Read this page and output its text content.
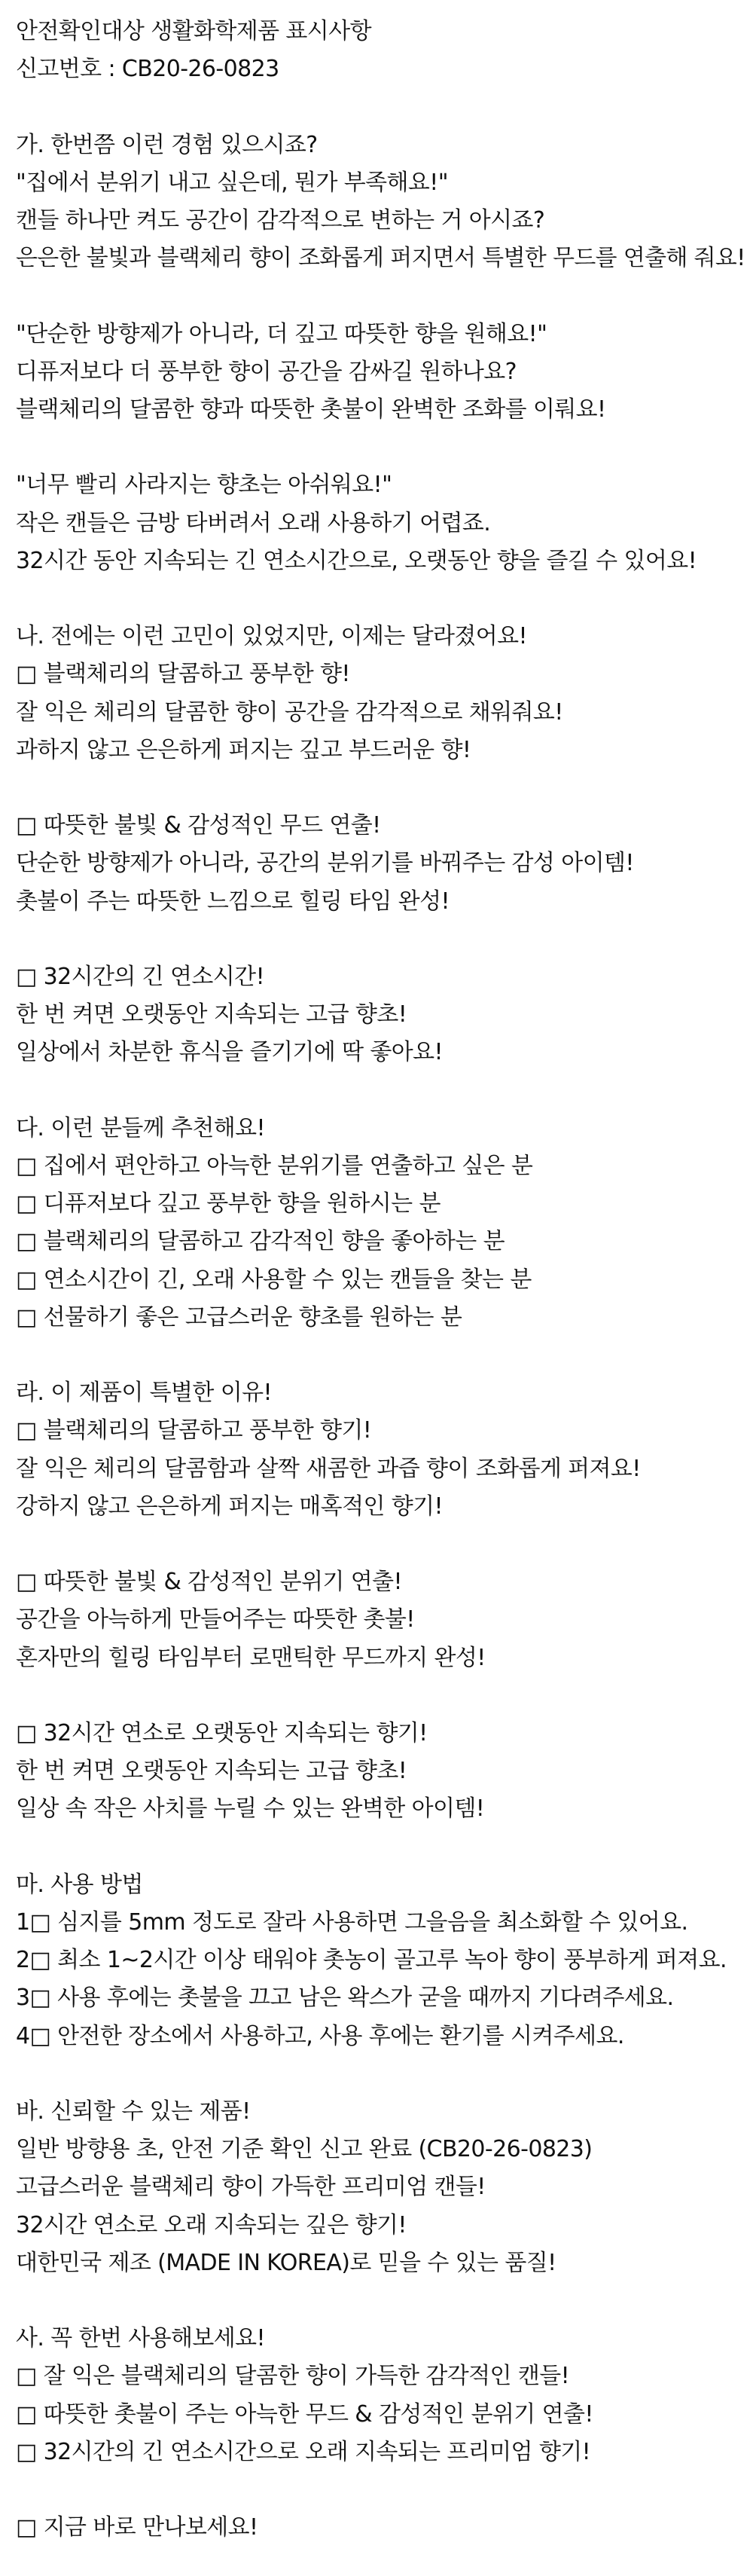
안전확인대상 생활화학제품 표시사항
신고번호 : CB20-26-0823
가. 한번쯤 이런 경험 있으시죠?
"집에서 분위기 내고 싶은데, 뭔가 부족해요!"
캔들 하나만 켜도 공간이 감각적으로 변하는 거 아시죠?
은은한 불빛과 블랙체리 향이 조화롭게 퍼지면서 특별한 무드를 연출해 줘요!
"단순한 방향제가 아니라, 더 깊고 따뜻한 향을 원해요!"
디퓨저보다 더 풍부한 향이 공간을 감싸길 원하나요?
블랙체리의 달콤한 향과 따뜻한 촛불이 완벽한 조화를 이뤄요!
"너무 빨리 사라지는 향초는 아쉬워요!"
작은 캔들은 금방 타버려서 오래 사용하기 어렵죠.
32시간 동안 지속되는 긴 연소시간으로, 오랫동안 향을 즐길 수 있어요!
나. 전에는 이런 고민이 있었지만, 이제는 달라졌어요!
□ 블랙체리의 달콤하고 풍부한 향!
잘 익은 체리의 달콤한 향이 공간을 감각적으로 채워줘요!
과하지 않고 은은하게 퍼지는 깊고 부드러운 향!
□ 따뜻한 불빛 & 감성적인 무드 연출!
단순한 방향제가 아니라, 공간의 분위기를 바꿔주는 감성 아이템!
촛불이 주는 따뜻한 느낌으로 힐링 타임 완성!
□ 32시간의 긴 연소시간!
한 번 켜면 오랫동안 지속되는 고급 향초!
일상에서 차분한 휴식을 즐기기에 딱 좋아요!
다. 이런 분들께 추천해요!
□ 집에서 편안하고 아늑한 분위기를 연출하고 싶은 분
□ 디퓨저보다 깊고 풍부한 향을 원하시는 분
□ 블랙체리의 달콤하고 감각적인 향을 좋아하는 분
□ 연소시간이 긴, 오래 사용할 수 있는 캔들을 찾는 분
□ 선물하기 좋은 고급스러운 향초를 원하는 분
라. 이 제품이 특별한 이유!
□ 블랙체리의 달콤하고 풍부한 향기!
잘 익은 체리의 달콤함과 살짝 새콤한 과즙 향이 조화롭게 퍼져요!
강하지 않고 은은하게 퍼지는 매혹적인 향기!
□ 따뜻한 불빛 & 감성적인 분위기 연출!
공간을 아늑하게 만들어주는 따뜻한 촛불!
혼자만의 힐링 타임부터 로맨틱한 무드까지 완성!
□ 32시간 연소로 오랫동안 지속되는 향기!
한 번 켜면 오랫동안 지속되는 고급 향초!
일상 속 작은 사치를 누릴 수 있는 완벽한 아이템!
마. 사용 방법
1□ 심지를 5mm 정도로 잘라 사용하면 그을음을 최소화할 수 있어요.
2□ 최소 1~2시간 이상 태워야 촛농이 골고루 녹아 향이 풍부하게 퍼져요.
3□ 사용 후에는 촛불을 끄고 남은 왁스가 굳을 때까지 기다려주세요.
4□ 안전한 장소에서 사용하고, 사용 후에는 환기를 시켜주세요.
바. 신뢰할 수 있는 제품!
일반 방향용 초, 안전 기준 확인 신고 완료 (CB20-26-0823)
고급스러운 블랙체리 향이 가득한 프리미엄 캔들!
32시간 연소로 오래 지속되는 깊은 향기!
대한민국 제조 (MADE IN KOREA)로 믿을 수 있는 품질!
사. 꼭 한번 사용해보세요!
□ 잘 익은 블랙체리의 달콤한 향이 가득한 감각적인 캔들!
□ 따뜻한 촛불이 주는 아늑한 무드 & 감성적인 분위기 연출!
□ 32시간의 긴 연소시간으로 오래 지속되는 프리미엄 향기!
□ 지금 바로 만나보세요!
